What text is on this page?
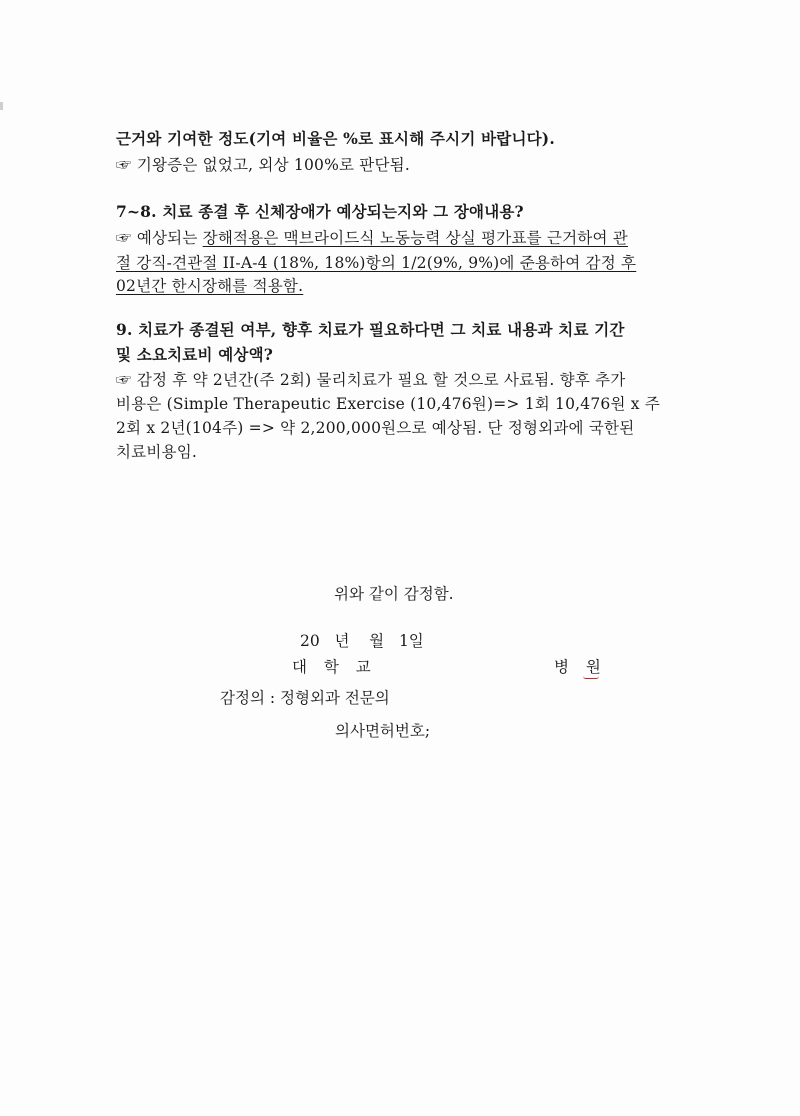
근거와 기여한 정도(기여 비율은 %로 표시해 주시기 바랍니다).
☞ 기왕증은 없었고, 외상 100%로 판단됨.
7~8. 치료 종결 후 신체장애가 예상되는지와 그 장애내용?
☞ 예상되는 장해적용은 맥브라이드식 노동능력 상실 평가표를 근거하여 관
절 강직-견관절 II-A-4 (18%, 18%)항의 1/2(9%, 9%)에 준용하여 감정 후
02년간 한시장해를 적용함.
9. 치료가 종결된 여부, 향후 치료가 필요하다면 그 치료 내용과 치료 기간
및 소요치료비 예상액?
☞ 감정 후 약 2년간(주 2회) 물리치료가 필요 할 것으로 사료됨. 향후 추가
비용은 (Simple Therapeutic Exercise (10,476원)=> 1회 10,476원 x 주
2회 x 2년(104주) => 약 2,200,000원으로 예상됨. 단 정형외과에 국한된
치료비용임.
위와 같이 감정함.
20   년    월   1일
대 학 교	병 원
감정의 : 정형외과 전문의
의사면허번호;
